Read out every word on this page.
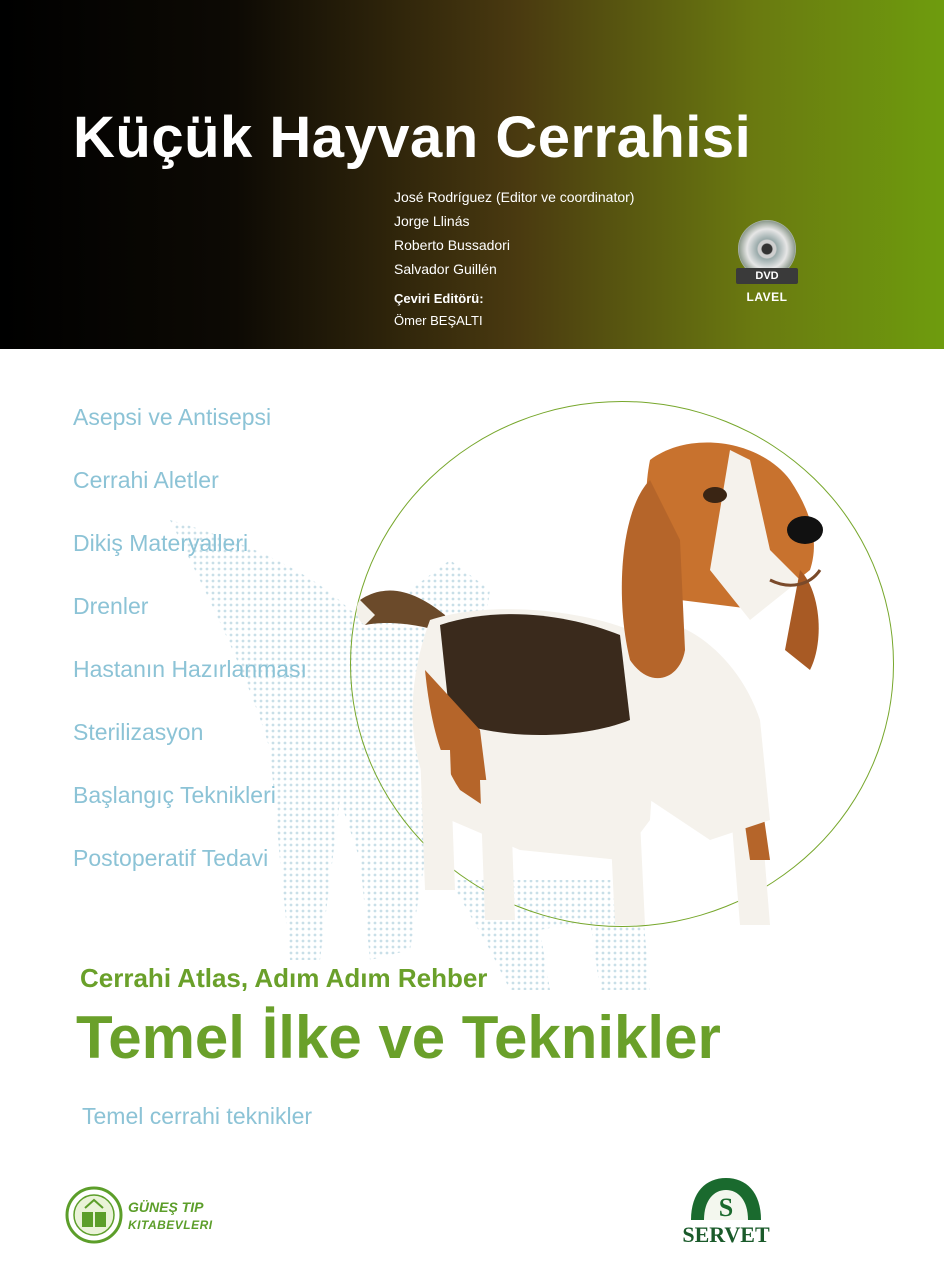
Küçük Hayvan Cerrahisi
José Rodríguez (Editor ve coordinator)
Jorge Llinás
Roberto Bussadori
Salvador Guillén
Çeviri Editörü:
Ömer BEŞALTI
DVD
LAVEL
Asepsi ve Antisepsi
Cerrahi Aletler
Dikiş Materyalleri
Drenler
Hastanın Hazırlanması
Sterilizasyon
Başlangıç Teknikleri
Postoperatif Tedavi
Cerrahi Atlas, Adım Adım Rehber
Temel İlke ve Teknikler
Temel cerrahi teknikler
GÜNEŞ TIP
KITABEVLERI
S
SERVET
